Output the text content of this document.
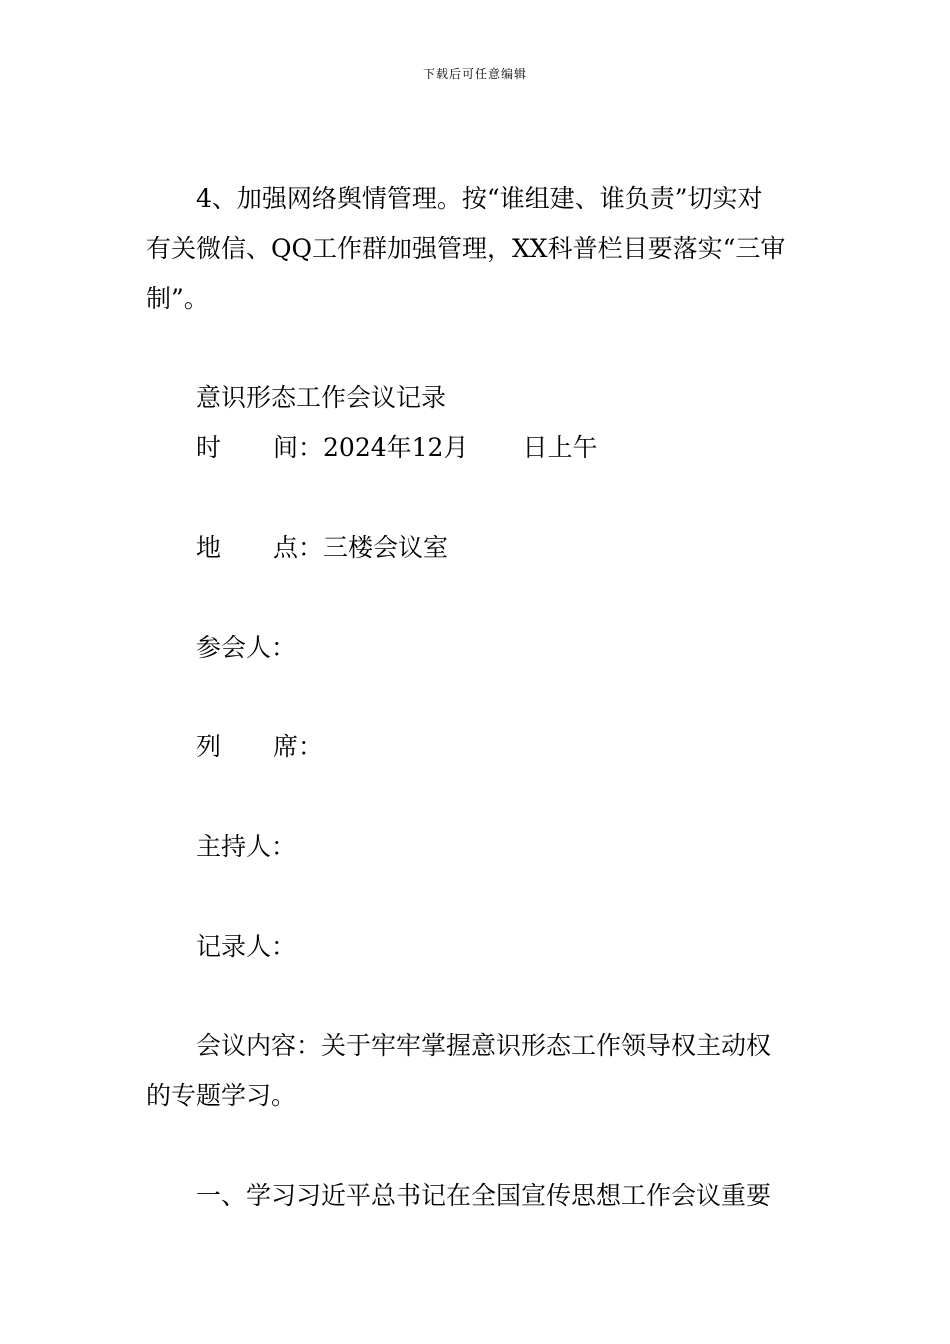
下载后可任意编辑
4、加强网络舆情管理。按“谁组建、谁负责”切实对
有关微信、QQ工作群加强管理，XX科普栏目要落实“三审
制”。
意识形态工作会议记录
时 间：2024年12月 日上午
地 点：三楼会议室
参会人：
列 席：
主持人：
记录人：
会议内容：关于牢牢掌握意识形态工作领导权主动权
的专题学习。
一、学习习近平总书记在全国宣传思想工作会议重要
